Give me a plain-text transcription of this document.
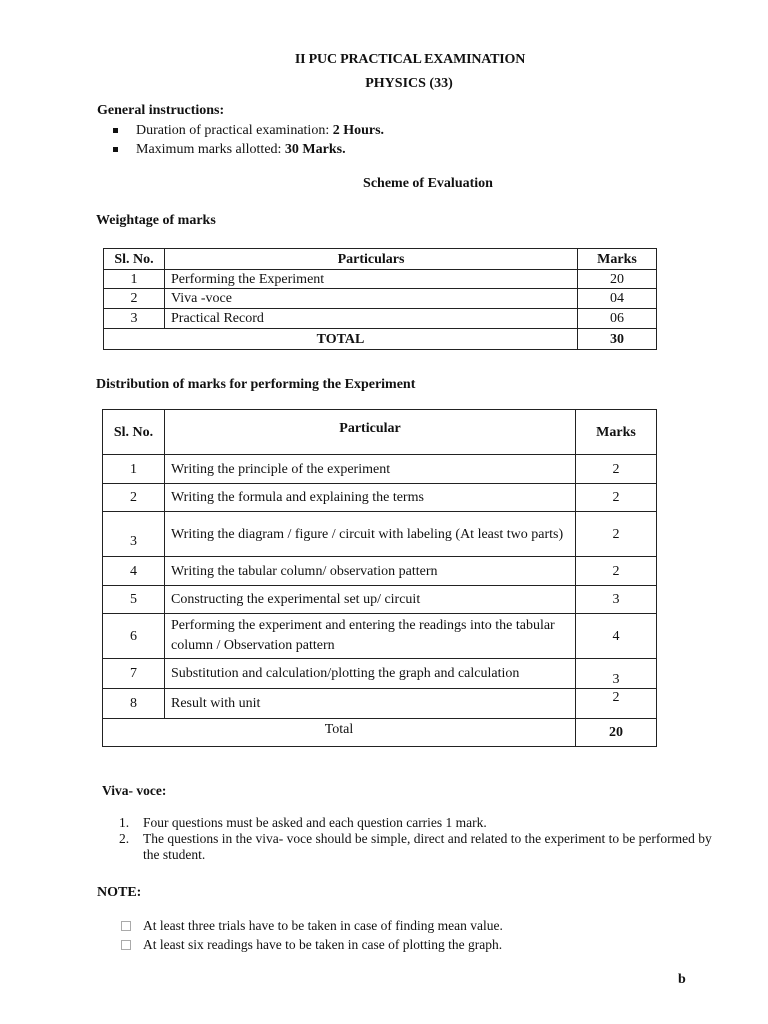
II PUC PRACTICAL EXAMINATION
PHYSICS (33)
General instructions:
Duration of practical examination: 2 Hours.
Maximum marks allotted: 30 Marks.
Scheme of Evaluation
Weightage of marks
Sl. No.	Particulars	Marks
1	Performing the Experiment	20
2	Viva -voce	04
3	Practical Record	06
TOTAL		30
Distribution of marks for performing the Experiment
Sl. No.	Particular	Marks
1	Writing the principle of the experiment	2
2	Writing the formula and explaining the terms	2
3	Writing the diagram / figure / circuit with labeling (At least two parts)	2
4	Writing the tabular column/ observation pattern	2
5	Constructing the experimental set up/ circuit	3
6	Performing the experiment and entering the readings into the tabular column / Observation pattern	4
7	Substitution and calculation/plotting the graph and calculation	3
8	Result with unit	2
Total		20
Viva- voce:
1. Four questions must be asked and each question carries 1 mark.
2. The questions in the viva- voce should be simple, direct and related to the experiment to be performed by the student.
NOTE:
At least three trials have to be taken in case of finding mean value.
At least six readings have to be taken in case of plotting the graph.
b
